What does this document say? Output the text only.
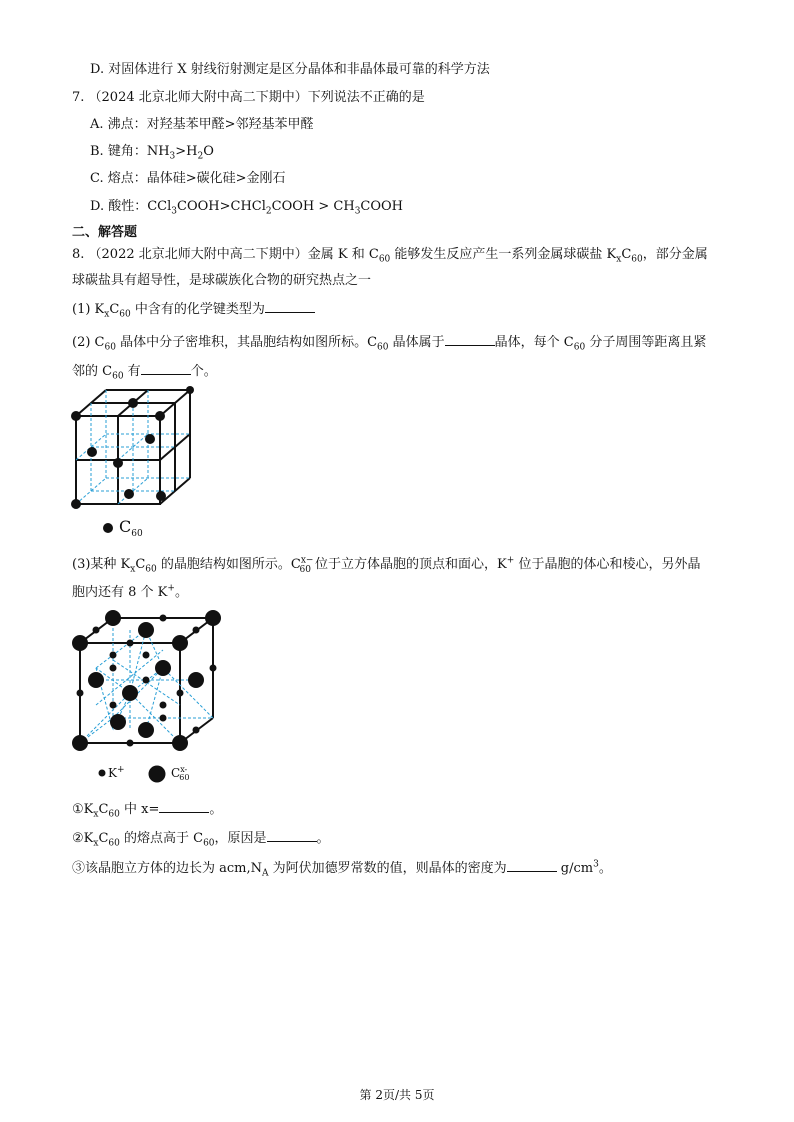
D. 对固体进行 X 射线衍射测定是区分晶体和非晶体最可靠的科学方法
7. （2024 北京北师大附中高二下期中）下列说法不正确的是
A. 沸点：对羟基苯甲醛>邻羟基苯甲醛
B. 键角：$NH_3>H_2O$
C. 熔点：晶体硅>碳化硅>金刚石
D. 酸性：CCl$_3$COOH>CHCl$_2$COOH > $CH_3COOH$
二、解答题
8. （2022 北京北师大附中高二下期中）金属 K 和 $C_{60}$ 能够发生反应产生一系列金属球碳盐 $K_xC_{60}$，部分金属
球碳盐具有超导性，是球碳族化合物的研究热点之一
(1) $K_xC_{60}$ 中含有的化学键类型为
(2) $C_{60}$ 晶体中分子密堆积，其晶胞结构如图所标。$C_{60}$ 晶体属于	晶体，每个 $C_{60}$ 分子周围等距离且紧
邻的 $C_{60}$ 有	个。
$C_{60}$
(3)某种 $K_xC_{60}$ 的晶胞结构如图所示。$C^{x-}_{60}$ 位于立方体晶胞的顶点和面心，K+ 位于晶胞的体心和棱心，另外晶
胞内还有 8 个 K+。
K+	$C^{x-}_{60}$
$①K_xC_{60}$ 中 x=	。
$②K_xC_{60}$ 的熔点高于 $C_{60}$，原因是	。
③该晶胞立方体的边长为 $acm,N_A$ 为阿伏加德罗常数的值，则晶体的密度为	$g/cm^3$。
第 2页/共 5页
